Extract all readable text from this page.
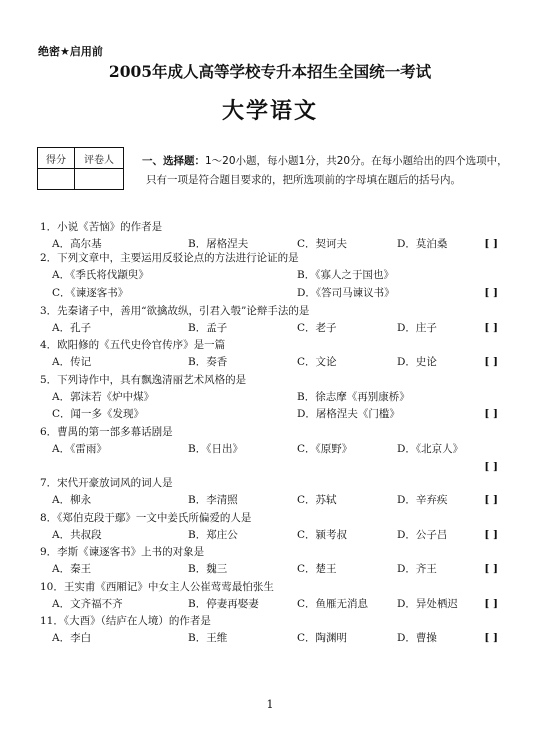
绝密★启用前
2005年成人高等学校专升本招生全国统一考试
大学语文
得分	评卷人
		一、选择题：1～20小题，每小题1分，共20分。在每小题给出的四个选项中，只有一项是符合题目要求的，把所选项前的字母填在题后的括号内。
1．小说《苦恼》的作者是
A．高尔基	B．屠格涅夫	C．契诃夫	D．莫泊桑	[ ]
2．下列文章中，主要运用反驳论点的方法进行论证的是
A．《季氏将伐颛臾》	B．《寡人之于国也》
C．《谏逐客书》	D．《答司马谏议书》	[ ]
3．先秦诸子中，善用“欲擒故纵，引君入彀”论辩手法的是
A．孔子	B．孟子	C．老子	D．庄子	[ ]
4．欧阳修的《五代史伶官传序》是一篇
A．传记	B．奏香	C．文论	D．史论	[ ]
5．下列诗作中，具有飘逸清丽艺术风格的是
A．郭沫若《炉中煤》	B．徐志摩《再别康桥》
C．闻一多《发现》	D．屠格涅夫《门槛》	[ ]
6．曹禺的第一部多幕话剧是
A．《雷雨》	B．《日出》	C．《原野》	D．《北京人》
[ ]
7．宋代开豪放词风的词人是
A．柳永	B．李清照	C．苏轼	D．辛弃疾	[ ]
8．《郑伯克段于鄢》一文中姜氏所偏爱的人是
A．共叔段	B．郑庄公	C．颍考叔	D．公子吕	[ ]
9．李斯《谏逐客书》上书的对象是
A．秦王	B．魏三	C．楚王	D．齐王	[ ]
10．王实甫《西厢记》中女主人公崔莺莺最怕张生
A．文齐福不齐	B．停妻再娶妻	C．鱼雁无消息	D．异处栖迟	[ ]
11．《大酉》（结庐在人境）的作者是
A．李白	B．王维	C．陶渊明	D．曹操	[ ]
1
